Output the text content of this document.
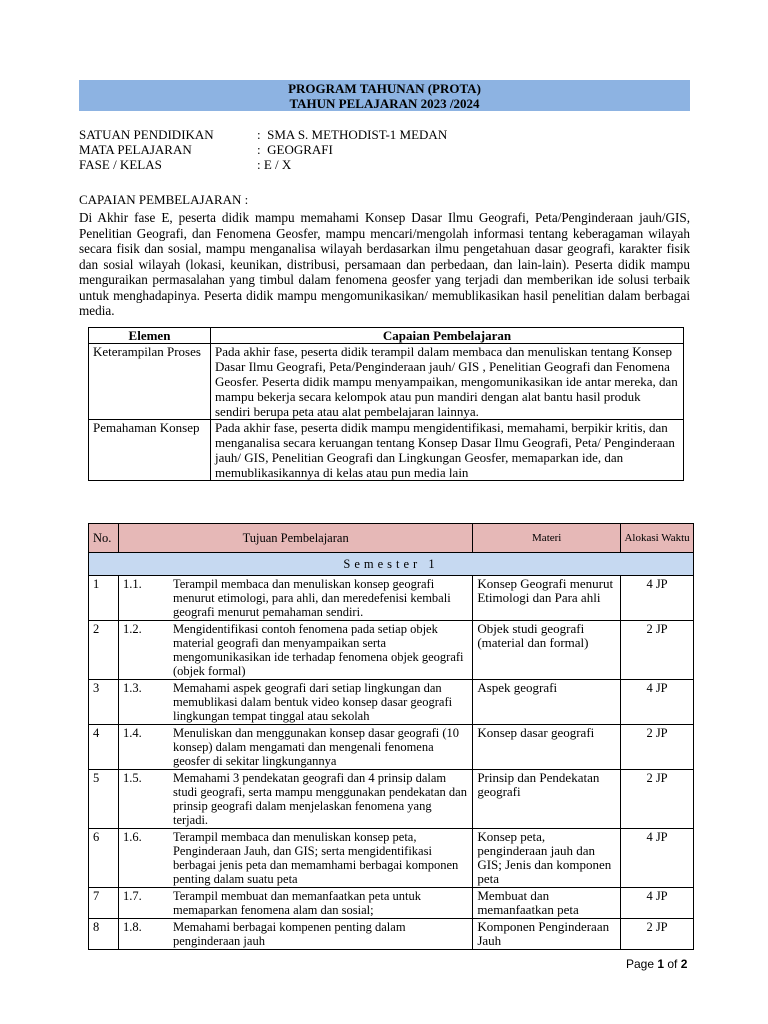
PROGRAM TAHUNAN (PROTA)
TAHUN PELAJARAN 2023 /2024
SATUAN PENDIDIKAN	:  SMA S. METHODIST-1 MEDAN
MATA PELAJARAN	:  GEOGRAFI
FASE / KELAS	: E / X
CAPAIAN PEMBELAJARAN :
Di Akhir fase E, peserta didik mampu memahami Konsep Dasar Ilmu Geografi, Peta/Penginderaan jauh/GIS, Penelitian Geografi, dan Fenomena Geosfer, mampu mencari/mengolah informasi tentang keberagaman wilayah secara fisik dan sosial, mampu menganalisa wilayah berdasarkan ilmu pengetahuan dasar geografi, karakter fisik dan sosial wilayah (lokasi, keunikan, distribusi, persamaan dan perbedaan, dan lain-lain). Peserta didik mampu menguraikan permasalahan yang timbul dalam fenomena geosfer yang terjadi dan memberikan ide solusi terbaik untuk menghadapinya. Peserta didik mampu mengomunikasikan/ memublikasikan hasil penelitian dalam berbagai media.
Elemen	Capaian Pembelajaran
Keterampilan Proses	Pada akhir fase, peserta didik terampil dalam membaca dan menuliskan tentang Konsep Dasar Ilmu Geografi, Peta/Penginderaan jauh/ GIS , Penelitian Geografi dan Fenomena Geosfer. Peserta didik mampu menyampaikan, mengomunikasikan ide antar mereka, dan mampu bekerja secara kelompok atau pun mandiri dengan alat bantu hasil produk sendiri berupa peta atau alat pembelajaran lainnya.
Pemahaman Konsep	Pada akhir fase, peserta didik mampu mengidentifikasi, memahami, berpikir kritis, dan menganalisa secara keruangan tentang Konsep Dasar Ilmu Geografi, Peta/ Penginderaan jauh/ GIS, Penelitian Geografi dan Lingkungan Geosfer, memaparkan ide, dan memublikasikannya di kelas atau pun media lain
No.	Tujuan Pembelajaran	Materi	Alokasi Waktu
Semester 1			
1	1.1. Terampil membaca dan menuliskan konsep geografi menurut etimologi, para ahli, dan meredefenisi kembali geografi menurut pemahaman sendiri.	Konsep Geografi menurut Etimologi dan Para ahli	4 JP
2	1.2. Mengidentifikasi contoh fenomena pada setiap objek material geografi dan menyampaikan serta mengomunikasikan ide terhadap fenomena objek geografi (objek formal)	Objek studi geografi (material dan formal)	2 JP
3	1.3. Memahami aspek geografi dari setiap lingkungan dan memublikasi dalam bentuk video konsep dasar geografi lingkungan tempat tinggal atau sekolah	Aspek geografi	4 JP
4	1.4. Menuliskan dan menggunakan konsep dasar geografi (10 konsep) dalam mengamati dan mengenali fenomena geosfer di sekitar lingkungannya	Konsep dasar geografi	2 JP
5	1.5. Memahami 3 pendekatan geografi dan 4 prinsip dalam studi geografi, serta mampu menggunakan pendekatan dan prinsip geografi dalam menjelaskan fenomena yang terjadi.	Prinsip dan Pendekatan geografi	2 JP
6	1.6. Terampil membaca dan menuliskan konsep peta, Penginderaan Jauh, dan GIS; serta mengidentifikasi berbagai jenis peta dan memamhami berbagai komponen penting dalam suatu peta	Konsep peta, penginderaan jauh dan GIS; Jenis dan komponen peta	4 JP
7	1.7. Terampil membuat dan memanfaatkan peta untuk memaparkan fenomena alam dan sosial;	Membuat dan memanfaatkan peta	4 JP
8	1.8. Memahami berbagai kompenen penting dalam penginderaan jauh	Komponen Penginderaan Jauh	2 JP
Page 1 of 2
